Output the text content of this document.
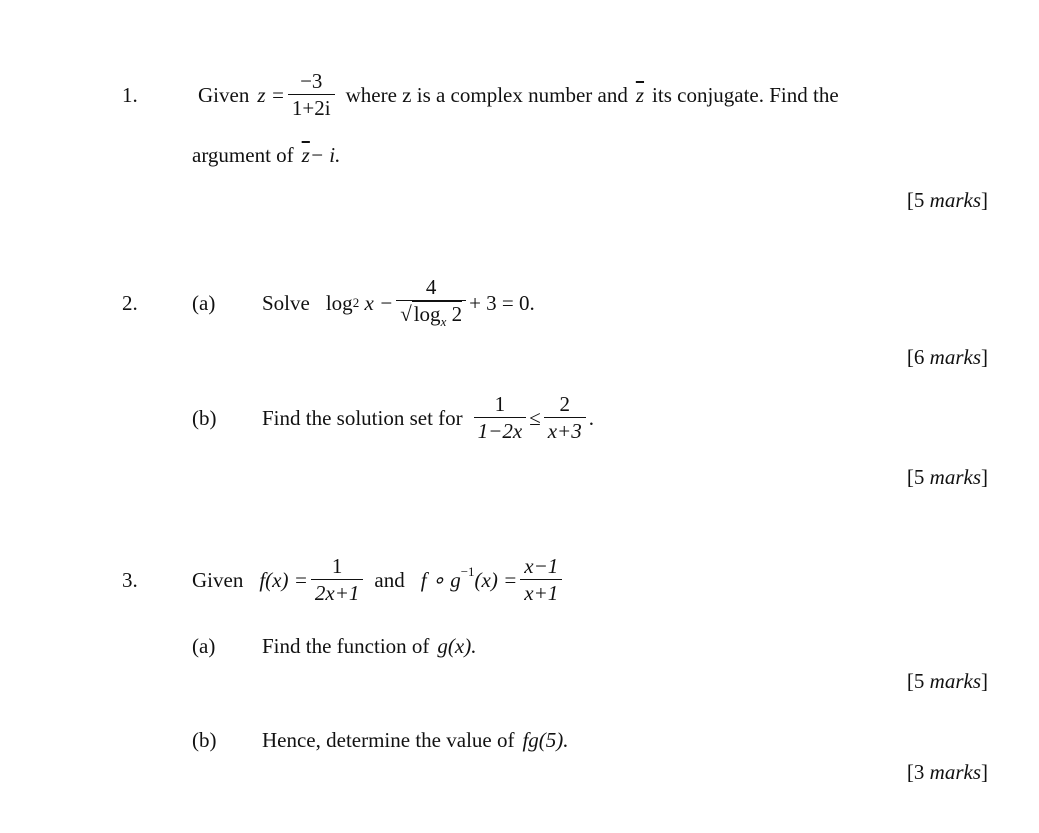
1.	Given $z = \frac{-3}{1+2i}$ where z is a complex number and $\overline{z}$ its conjugate. Find the
argument of $\overline{z} - i$.
[5 marks]
2.	(a) Solve log 2
$x - \frac{4}{√\log_x 2} + 3 = 0$.
[6 marks]
(b) Find the solution set for $\frac{1}{1-2x} \le \frac{2}{x+3}$ .
[5 marks]
3.	Given $f(x) = \frac{1}{2x+1}$ and f ∘ $g^{-1}$ $(x) = \frac{x-1}{x+1}$
(a) Find the function of g(x).
[5 marks]
(b) Hence, determine the value of fg(5).
[3 marks]
